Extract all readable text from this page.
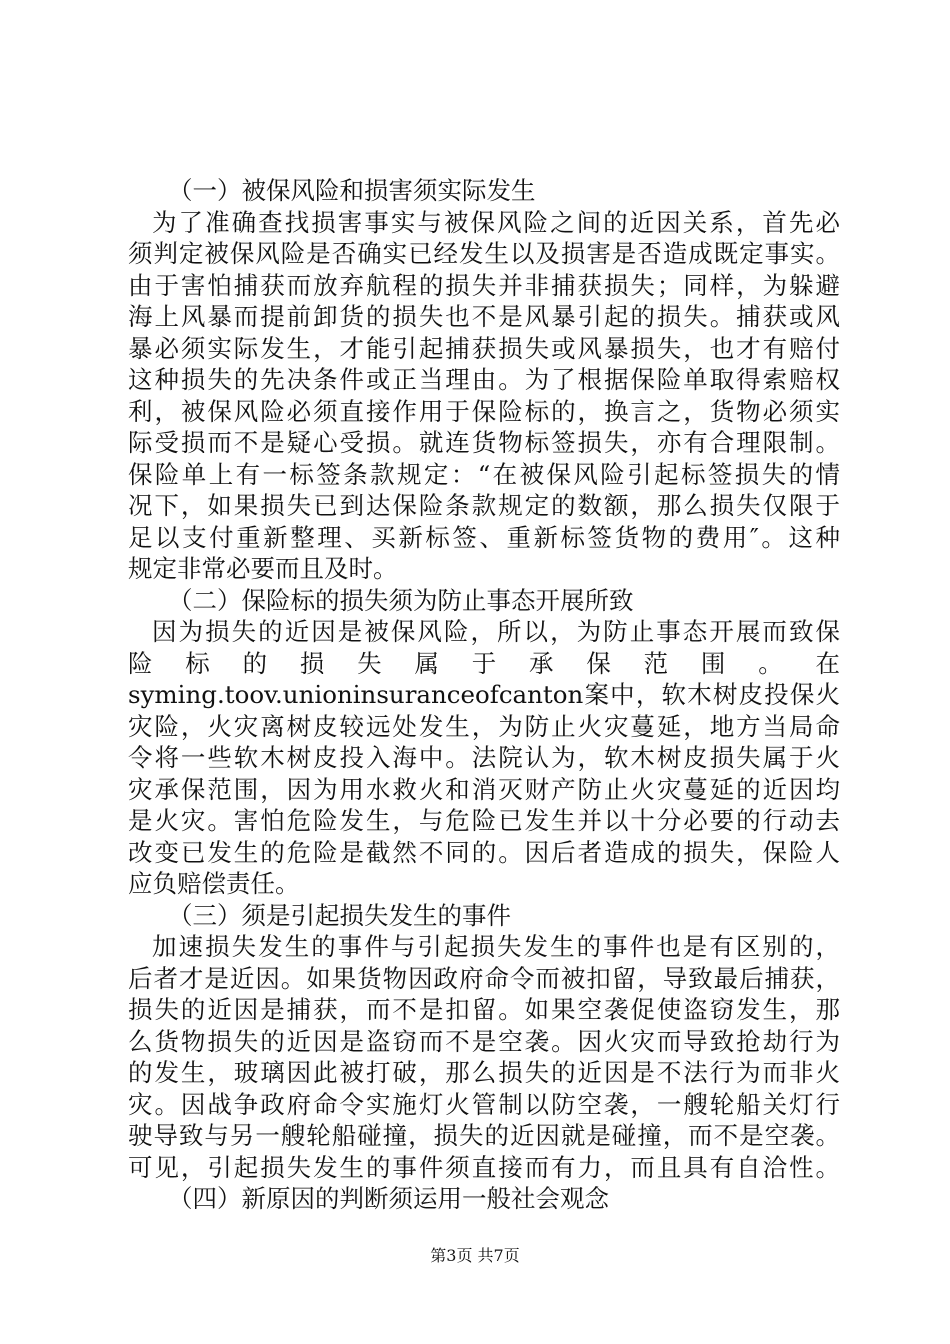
（一）被保风险和损害须实际发生
为了准确查找损害事实与被保风险之间的近因关系，首先必
须判定被保风险是否确实已经发生以及损害是否造成既定事实。
由于害怕捕获而放弃航程的损失并非捕获损失；同样，为躲避
海上风暴而提前卸货的损失也不是风暴引起的损失。捕获或风
暴必须实际发生，才能引起捕获损失或风暴损失，也才有赔付
这种损失的先决条件或正当理由。为了根据保险单取得索赔权
利，被保风险必须直接作用于保险标的，换言之，货物必须实
际受损而不是疑心受损。就连货物标签损失，亦有合理限制。
保险单上有一标签条款规定：“在被保风险引起标签损失的情
况下，如果损失已到达保险条款规定的数额，那么损失仅限于
足以支付重新整理、买新标签、重新标签货物的费用″。这种
规定非常必要而且及时。
（二）保险标的损失须为防止事态开展所致
因为损失的近因是被保风险，所以，为防止事态开展而致保
险 标 的 损 失 属 于 承 保 范 围 。 在
syming.toov.unioninsuranceofcanton案中，软木树皮投保火
灾险，火灾离树皮较远处发生，为防止火灾蔓延，地方当局命
令将一些软木树皮投入海中。法院认为，软木树皮损失属于火
灾承保范围，因为用水救火和消灭财产防止火灾蔓延的近因均
是火灾。害怕危险发生，与危险已发生并以十分必要的行动去
改变已发生的危险是截然不同的。因后者造成的损失，保险人
应负赔偿责任。
（三）须是引起损失发生的事件
加速损失发生的事件与引起损失发生的事件也是有区别的，
后者才是近因。如果货物因政府命令而被扣留，导致最后捕获，
损失的近因是捕获，而不是扣留。如果空袭促使盗窃发生，那
么货物损失的近因是盗窃而不是空袭。因火灾而导致抢劫行为
的发生，玻璃因此被打破，那么损失的近因是不法行为而非火
灾。因战争政府命令实施灯火管制以防空袭，一艘轮船关灯行
驶导致与另一艘轮船碰撞，损失的近因就是碰撞，而不是空袭。
可见，引起损失发生的事件须直接而有力，而且具有自洽性。
（四）新原因的判断须运用一般社会观念
第3页 共7页
